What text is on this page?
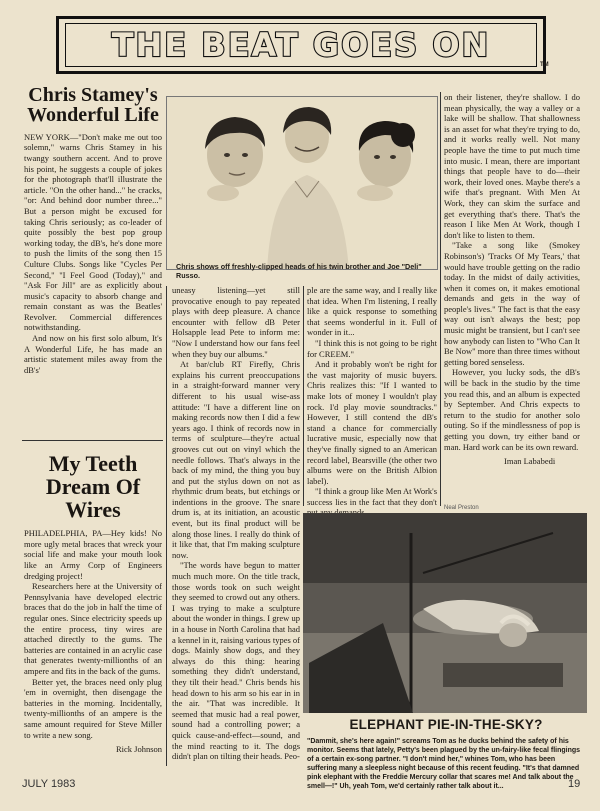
THE BEAT GOES ON
TM
Chris Stamey's Wonderful Life

NEW YORK—"Don't make me out too solemn," warns Chris Stamey in his twangy southern accent. And to prove his point, he suggests a couple of jokes for the photograph that'll illustrate the article. "On the other hand..." he cracks, "or: And behind door number three..." But a person might be excused for taking Chris seriously; as co-leader of quite possibly the best pop group working today, the dB's, he's done more to push the limits of the song then 15 Culture Clubs. Songs like "Cycles Per Second," "I Feel Good (Today)," and "Ask For Jill" are as explicitly about music's capacity to absorb change and remain constant as was the Beatles' Revolver. Commercial differences notwithstanding.

And now on his first solo album, It's A Wonderful Life, he has made an artistic statement miles away from the dB's'

My Teeth Dream Of Wires

PHILADELPHIA, PA—Hey kids! No more ugly metal braces that wreck your social life and make your mouth look like an Army Corp of Engineers dredging project!

Researchers here at the University of Pennsylvania have developed electric braces that do the job in half the time of regular ones. Since electricity speeds up the entire process, tiny wires are attached directly to the gums. The batteries are contained in an acrylic case that generates twenty-millionths of an ampere and fits in the back of the gums.

Better yet, the braces need only plug 'em in overnight, then disengage the batteries in the morning. Incidentally, twenty-millionths of an ampere is the same amount required for Steve Miller to write a new song.

Rick Johnson
Chris shows off freshly-clipped heads of his twin brother and Joe "Deli" Russo.

uneasy listening—yet still provocative enough to pay repeated plays with deep pleasure. A chance encounter with fellow dB Peter Holsapple lead Pete to inform me: "Now I understand how our fans feel when they buy our albums."

At bar/club RT Firefly, Chris explains his current preoccupations in a straight-forward manner very different to his usual wise-ass attitude: "I have a different line on making records now then I did a few years ago. I think of records now in terms of sculpture—they're actual grooves cut out on vinyl which the needle follows. That's always in the back of my mind, the thing you buy and put the stylus down on not as rhythmic drum beats, but etchings or indentions in the groove. The snare drum is, at its initiation, an acoustic event, but its final product will be along those lines. I really do think of it like that, that I'm making sculpture now.

"The words have begun to matter much much more. On the title track, those words took on such weight they seemed to crowd out any others. I was trying to make a sculpture about the wonder in things. I grew up in a house in North Carolina that had a kennel in it, raising various types of dogs. Mainly show dogs, and they always do this thing: hearing something they didn't understand, they tilt their head." Chris bends his head down to his arm so his ear in in the air. "That was incredible. It seemed that music had a real power, sound had a controlling power; a quick cause-and-effect—sound, and the mind reacting to it. The dogs didn't plan on tilting their heads. Peo-

ple are the same way, and I really like that idea. When I'm listening, I really like a quick response to something that seems wonderful in it. Full of wonder in it...

"I think this is not going to be right for CREEM."

And it probably won't be right for the vast majority of music buyers. Chris realizes this: "If I wanted to make lots of money I wouldn't play rock. I'd play movie soundtracks." However, I still contend the dB's stand a chance for commercially lucrative music, especially now that they've finally signed to an American record label, Bearsville (the other two albums were on the British Albion label).

"I think a group like Men At Work's success lies in the fact that they don't

on their listener, they're shallow. I do mean physically, the way a valley or a lake will be shallow. That shallowness is an asset for what they're trying to do, and it works really well. Not many people have the time to put much time into music. I mean, there are important things that people have to do—their work, their loved ones. Maybe there's a wife that's pregnant. With Men At Work, they can skim the surface and get everything that's there. That's the reason I like Men At Work, though I don't like to listen to them.

"Take a song like (Smokey Robinson's) 'Tracks Of My Tears,' that would have trouble getting on the radio today. In the midst of daily activities, when it comes on, it makes emotional demands and gets in the way of people's lives." The fact is that the easy way out isn't always the best; pop music might be transient, but I can't see how anybody can listen to "Who Can It Be Now" more than three times without getting bored senseless.

However, you lucky sods, the dB's will be back in the studio by the time you read this, and an album is expected by September. And Chris expects to return to the studio for another solo outing. So if the mindlessness of pop is getting you down, try either band or man. Hard work can be its own reward.

Iman Lababedi
Neal Preston
ELEPHANT PIE-IN-THE-SKY?
"Dammit, she's here again!" screams Tom as he ducks behind the safety of his monitor. Seems that lately, Petty's been plagued by the un-fairy-like fecal flingings of a certain ex-song partner. "I don't mind her," whines Tom, who has been suffering many a sleepless night because of this recent feuding. "It's that damned pink elephant with the Freddie Mercury collar that scares me! And talk about the smell—!" Uh, yeah Tom, we'd certainly rather talk about it...
JULY 1983	19
